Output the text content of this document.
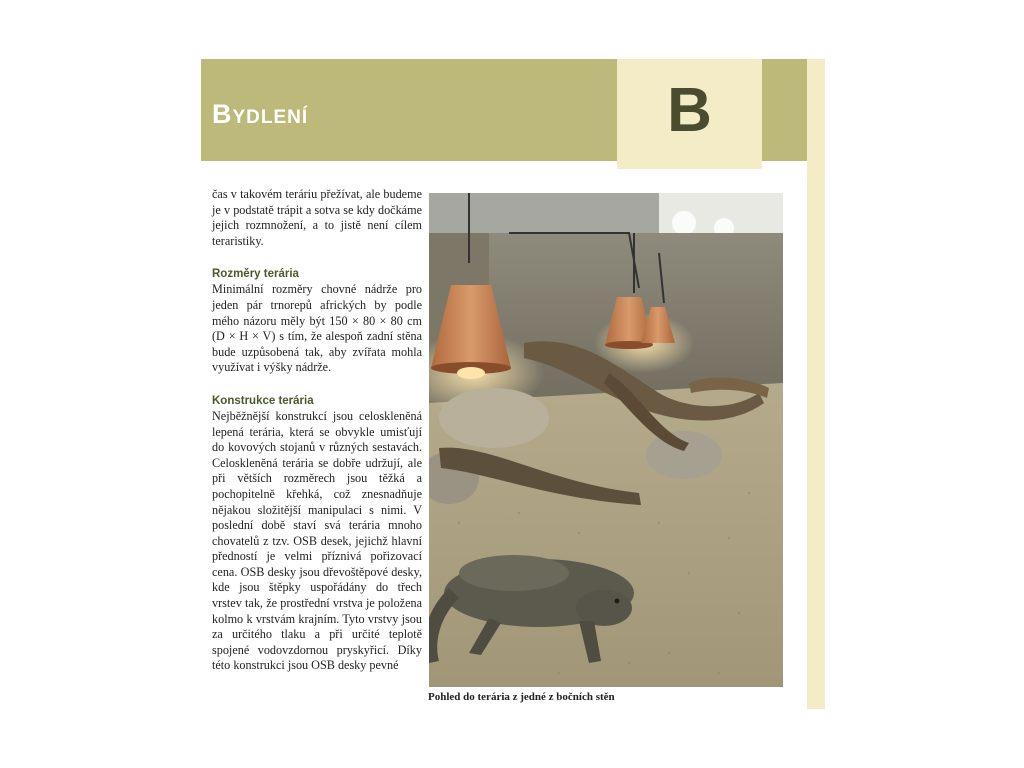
Bydlení	B

čas v takovém teráriu přežívat, ale budeme je v podstatě trápit a sotva se kdy dočkáme jejich rozmnožení, a to jistě není cílem teraristiky.

Rozměry terária

Minimální rozměry chovné nádrže pro jeden pár trnorepů afrických by podle mého názoru měly být 150 × 80 × 80 cm (D × H × V) s tím, že alespoň zadní stěna bude uzpůsobená tak, aby zvířata mohla využívat i výšky nádrže.

Konstrukce terária

Nejběžnější konstrukcí jsou celoskleněná lepená terária, která se obvykle umisťují do kovových stojanů v různých sestavách. Celoskleněná terária se dobře udržují, ale při větších rozměrech jsou těžká a pochopitelně křehká, což znesnadňuje nějakou složitější manipulaci s nimi. V poslední době staví svá terária mnoho chovatelů z tzv. OSB desek, jejichž hlavní předností je velmi příznivá pořizovací cena. OSB desky jsou dřevoštěpové desky, kde jsou štěpky uspořádány do třech vrstev tak, že prostřední vrstva je položena kolmo k vrstvám krajním. Tyto vrstvy jsou za určitého tlaku a při určité teplotě spojené vodovzdornou pryskyřicí. Díky této konstrukci jsou OSB desky pevné

Pohled do terária z jedné z bočních stěn
